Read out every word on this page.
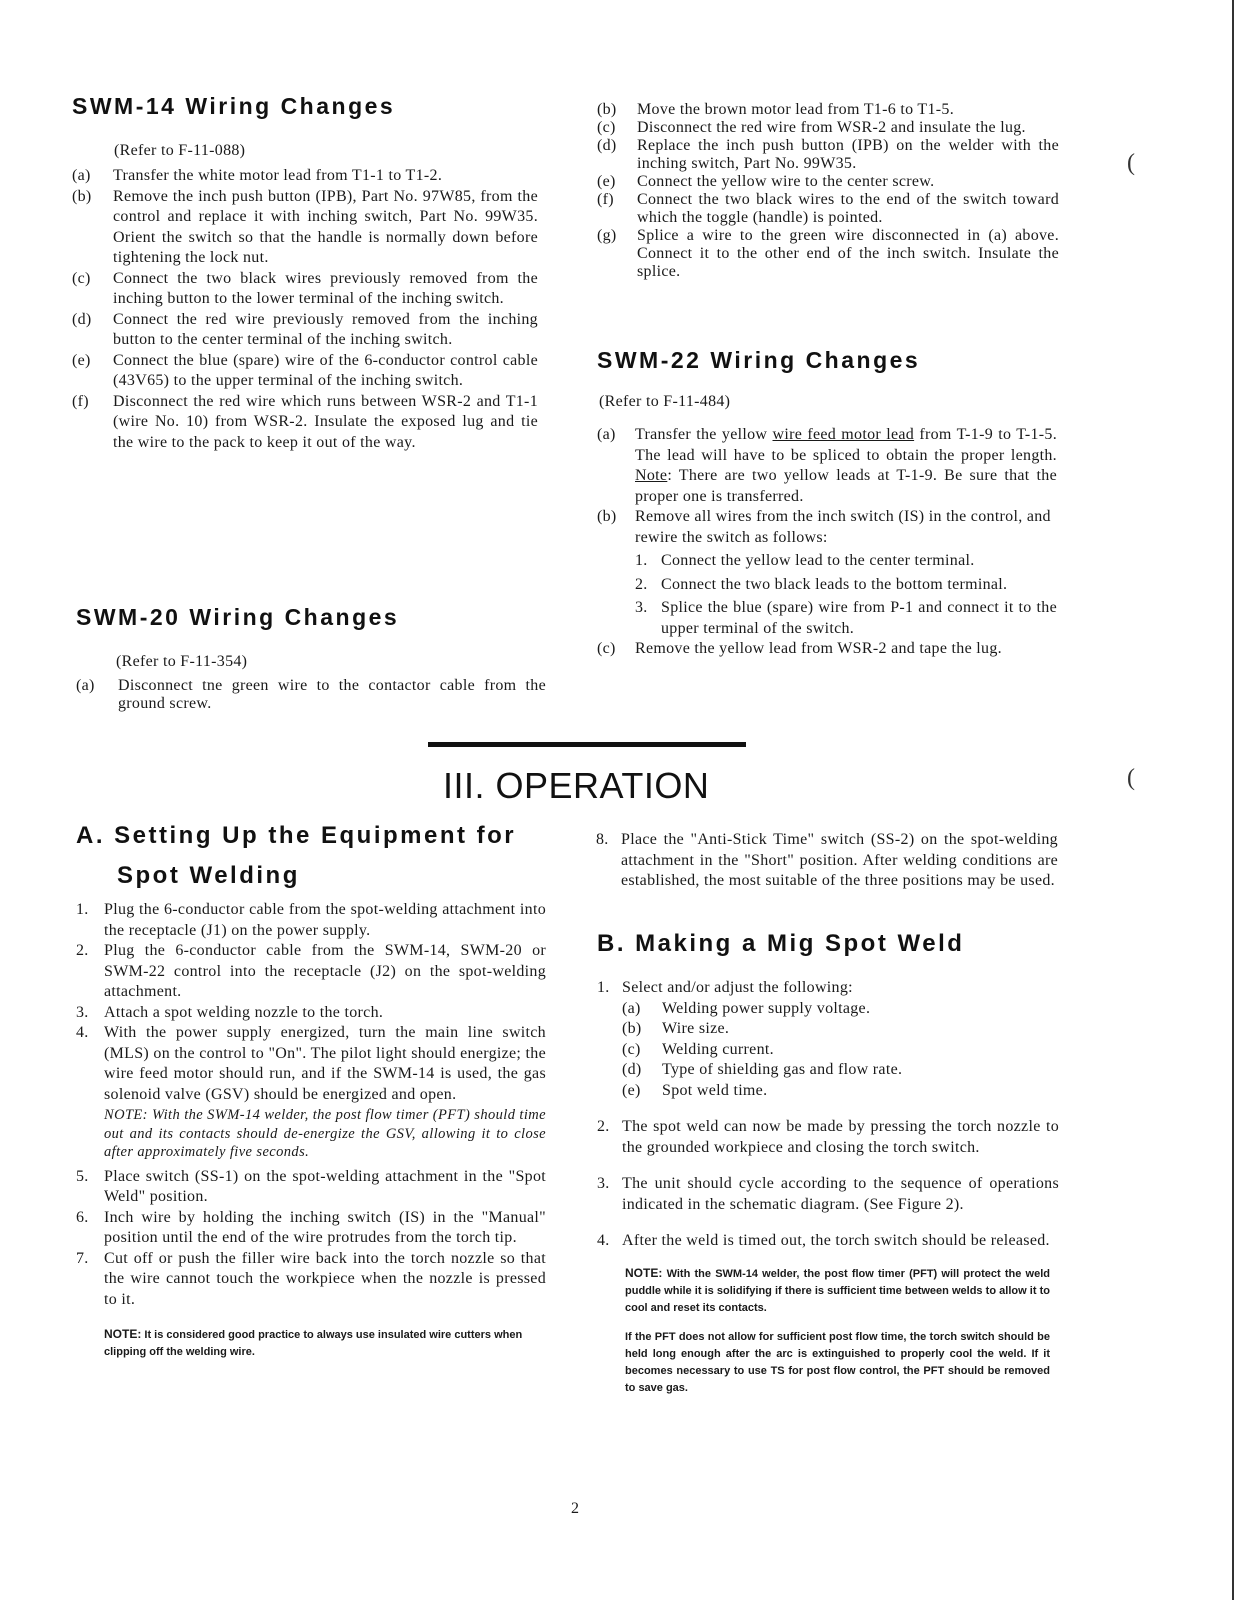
SWM-14 Wiring Changes

(Refer to F-11-088)

(a) Transfer the white motor lead from T1-1 to T1-2.
(b) Remove the inch push button (IPB), Part No. 97W85, from the control and replace it with inching switch, Part No. 99W35. Orient the switch so that the handle is normally down before tightening the lock nut.
(c) Connect the two black wires previously removed from the inching button to the lower terminal of the inching switch.
(d) Connect the red wire previously removed from the inching button to the center terminal of the inching switch.
(e) Connect the blue (spare) wire of the 6-conductor control cable (43V65) to the upper terminal of the inching switch.
(f) Disconnect the red wire which runs between WSR-2 and T1-1 (wire No. 10) from WSR-2. Insulate the exposed lug and tie the wire to the pack to keep it out of the way.
SWM-20 Wiring Changes

(Refer to F-11-354)

(a) Disconnect tne green wire to the contactor cable from the ground screw.
(b) Move the brown motor lead from T1-6 to T1-5.
(c) Disconnect the red wire from WSR-2 and insulate the lug.
(d) Replace the inch push button (IPB) on the welder with the inching switch, Part No. 99W35.
(e) Connect the yellow wire to the center screw.
(f) Connect the two black wires to the end of the switch toward which the toggle (handle) is pointed.
(g) Splice a wire to the green wire disconnected in (a) above. Connect it to the other end of the inch switch. Insulate the splice.
SWM-22 Wiring Changes

(Refer to F-11-484)

(a) Transfer the yellow wire feed motor lead from T-1-9 to T-1-5. The lead will have to be spliced to obtain the proper length. Note: There are two yellow leads at T-1-9. Be sure that the proper one is transferred.
(b) Remove all wires from the inch switch (IS) in the control, and rewire the switch as follows:
1. Connect the yellow lead to the center terminal.
2. Connect the two black leads to the bottom terminal.
3. Splice the blue (spare) wire from P-1 and connect it to the upper terminal of the switch.
(c) Remove the yellow lead from WSR-2 and tape the lug.
III. OPERATION
A. Setting Up the Equipment for
Spot Welding
1. Plug the 6-conductor cable from the spot-welding attachment into the receptacle (J1) on the power supply.
2. Plug the 6-conductor cable from the SWM-14, SWM-20 or SWM-22 control into the receptacle (J2) on the spot-welding attachment.
3. Attach a spot welding nozzle to the torch.
4. With the power supply energized, turn the main line switch (MLS) on the control to "On". The pilot light should energize; the wire feed motor should run, and if the SWM-14 is used, the gas solenoid valve (GSV) should be energized and open.

NOTE: With the SWM-14 welder, the post flow timer (PFT) should time out and its contacts should de-energize the GSV, allowing it to close after approximately five seconds.

5. Place switch (SS-1) on the spot-welding attachment in the "Spot Weld" position.
6. Inch wire by holding the inching switch (IS) in the "Manual" position until the end of the wire protrudes from the torch tip.
7. Cut off or push the filler wire back into the torch nozzle so that the wire cannot touch the workpiece when the nozzle is pressed to it.

NOTE: It is considered good practice to always use insulated wire cutters when clipping off the welding wire.

8. Place the "Anti-Stick Time" switch (SS-2) on the spot-welding attachment in the "Short" position. After welding conditions are established, the most suitable of the three positions may be used.
B. Making a Mig Spot Weld
1. Select and/or adjust the following:
(a) Welding power supply voltage.
(b) Wire size.
(c) Welding current.
(d) Type of shielding gas and flow rate.
(e) Spot weld time.
2. The spot weld can now be made by pressing the torch nozzle to the grounded workpiece and closing the torch switch.
3. The unit should cycle according to the sequence of operations indicated in the schematic diagram. (See Figure 2).
4. After the weld is timed out, the torch switch should be released.

NOTE: With the SWM-14 welder, the post flow timer (PFT) will protect the weld puddle while it is solidifying if there is sufficient time between welds to allow it to cool and reset its contacts.

If the PFT does not allow for sufficient post flow time, the torch switch should be held long enough after the arc is extinguished to properly cool the weld. If it becomes necessary to use TS for post flow control, the PFT should be removed to save gas.

2

(
(
